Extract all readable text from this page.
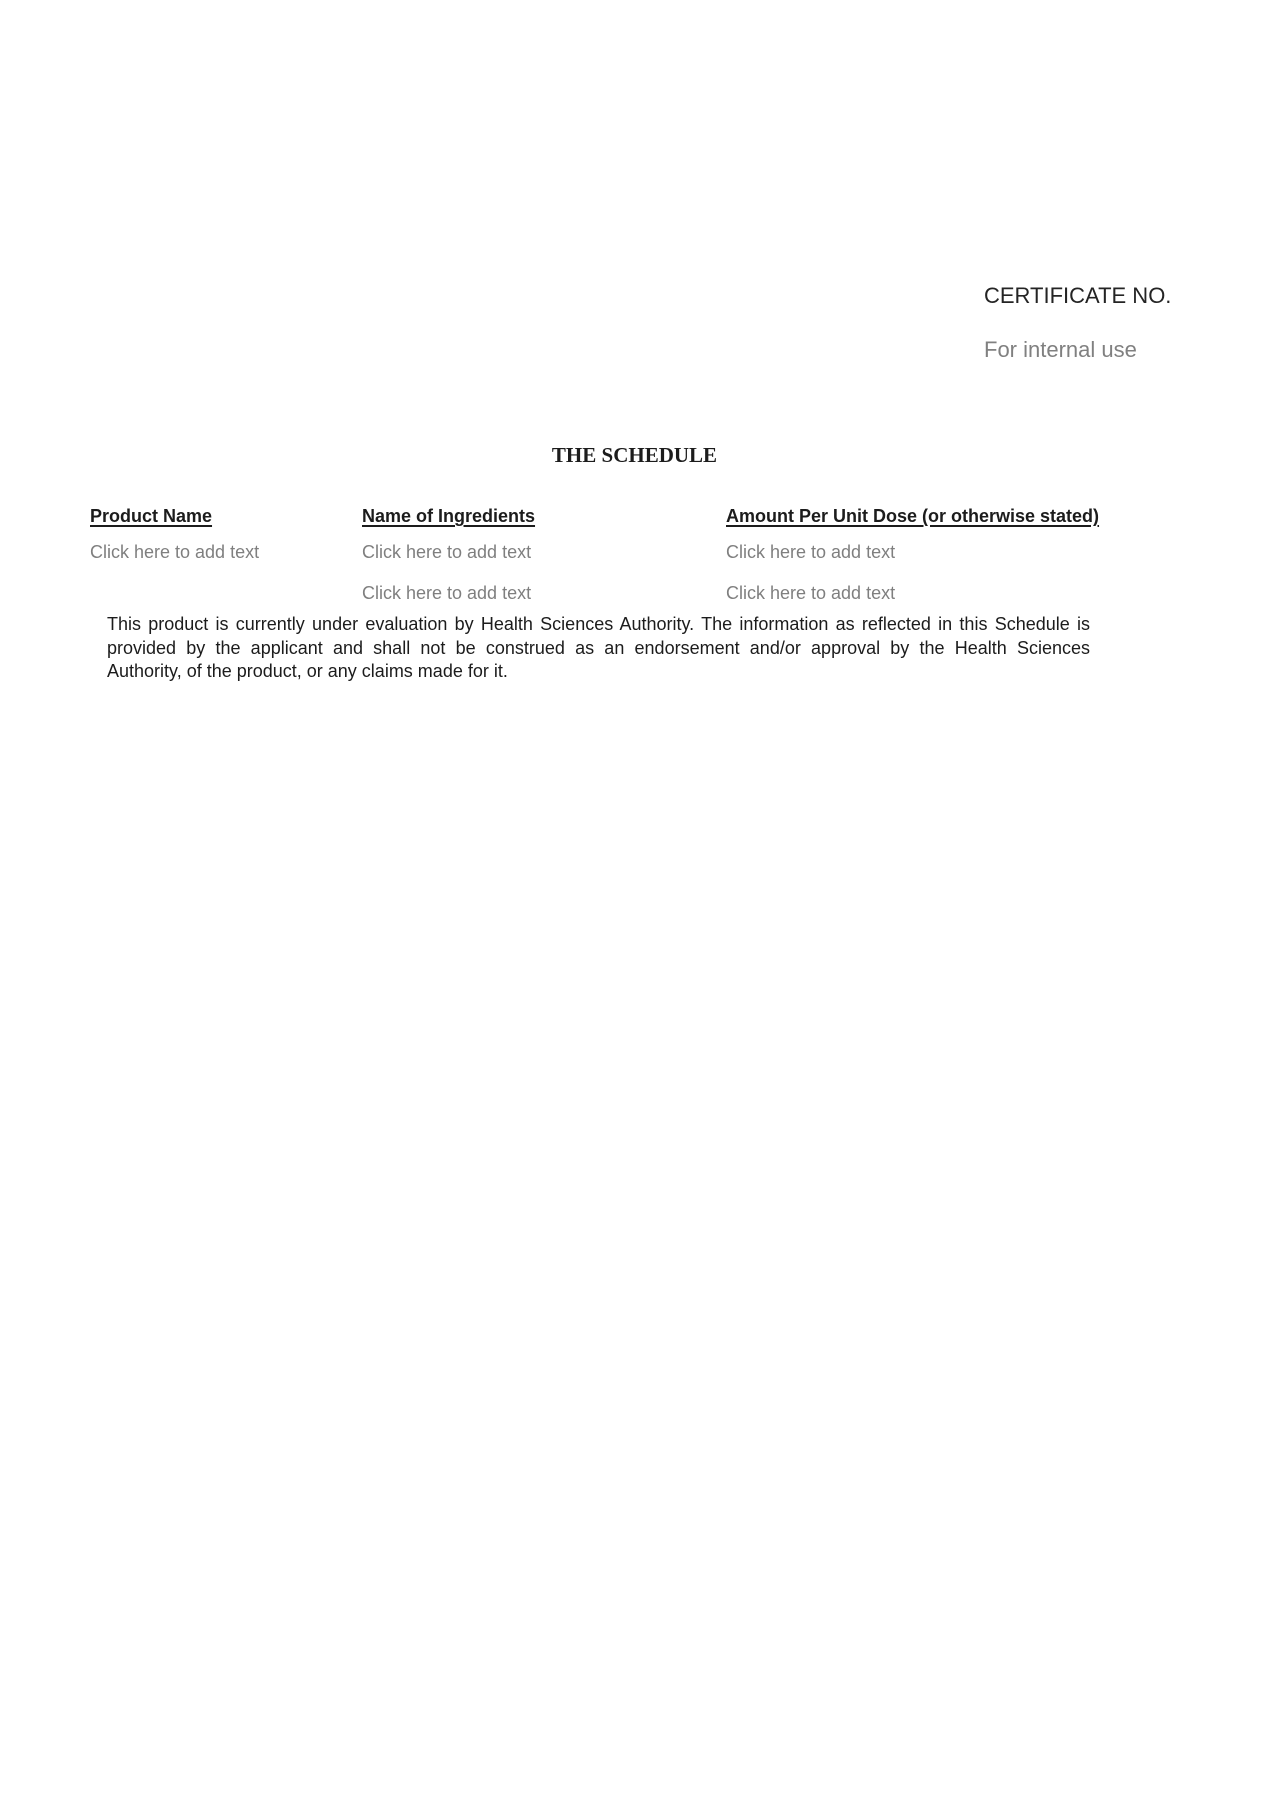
CERTIFICATE NO.
For internal use
THE SCHEDULE
Product Name
Click here to add text
Name of Ingredients
Click here to add text
Click here to add text
Amount Per Unit Dose (or otherwise stated)
Click here to add text
Click here to add text
This product is currently under evaluation by Health Sciences Authority. The information as reflected in this Schedule is
provided by the applicant and shall not be construed as an endorsement and/or approval by the Health Sciences
Authority, of the product, or any claims made for it.
